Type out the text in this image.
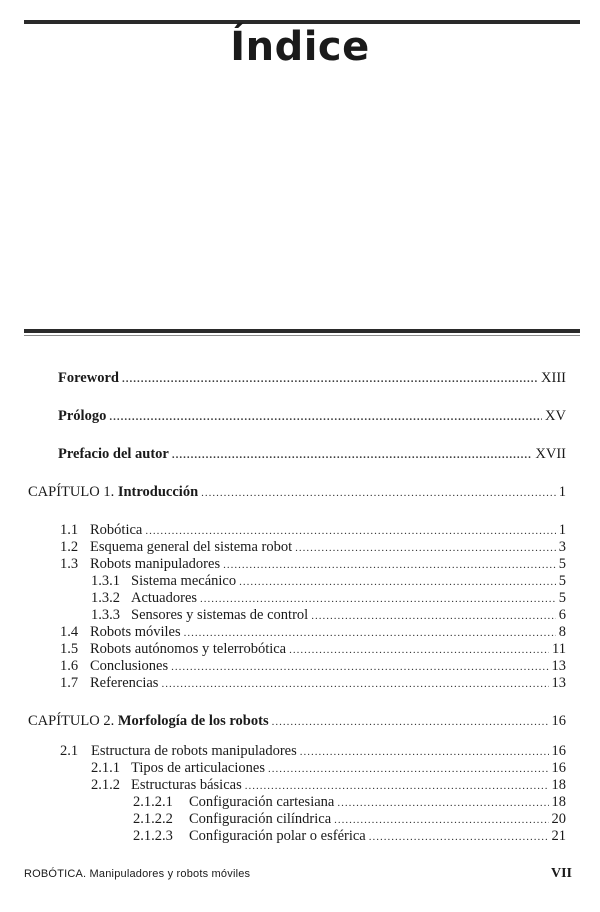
Índice
Foreword .....	XIII
Prólogo .....	XV
Prefacio del autor .....	XVII
CAPÍTULO 1. Introducción .....	1
1.1 Robótica .....	1
1.2 Esquema general del sistema robot .....	3
1.3 Robots manipuladores .....	5
1.3.1 Sistema mecánico .....	5
1.3.2 Actuadores .....	5
1.3.3 Sensores y sistemas de control .....	6
1.4 Robots móviles .....	8
1.5 Robots autónomos y telerrobótica .....	11
1.6 Conclusiones .....	13
1.7 Referencias .....	13
CAPÍTULO 2. Morfología de los robots .....	16
2.1 Estructura de robots manipuladores .....	16
2.1.1 Tipos de articulaciones .....	16
2.1.2 Estructuras básicas .....	18
2.1.2.1	Configuración cartesiana .....	18
2.1.2.2	Configuración cilíndrica .....	20
2.1.2.3	Configuración polar o esférica .....	21
ROBÓTICA. Manipuladores y robots móviles	VII
